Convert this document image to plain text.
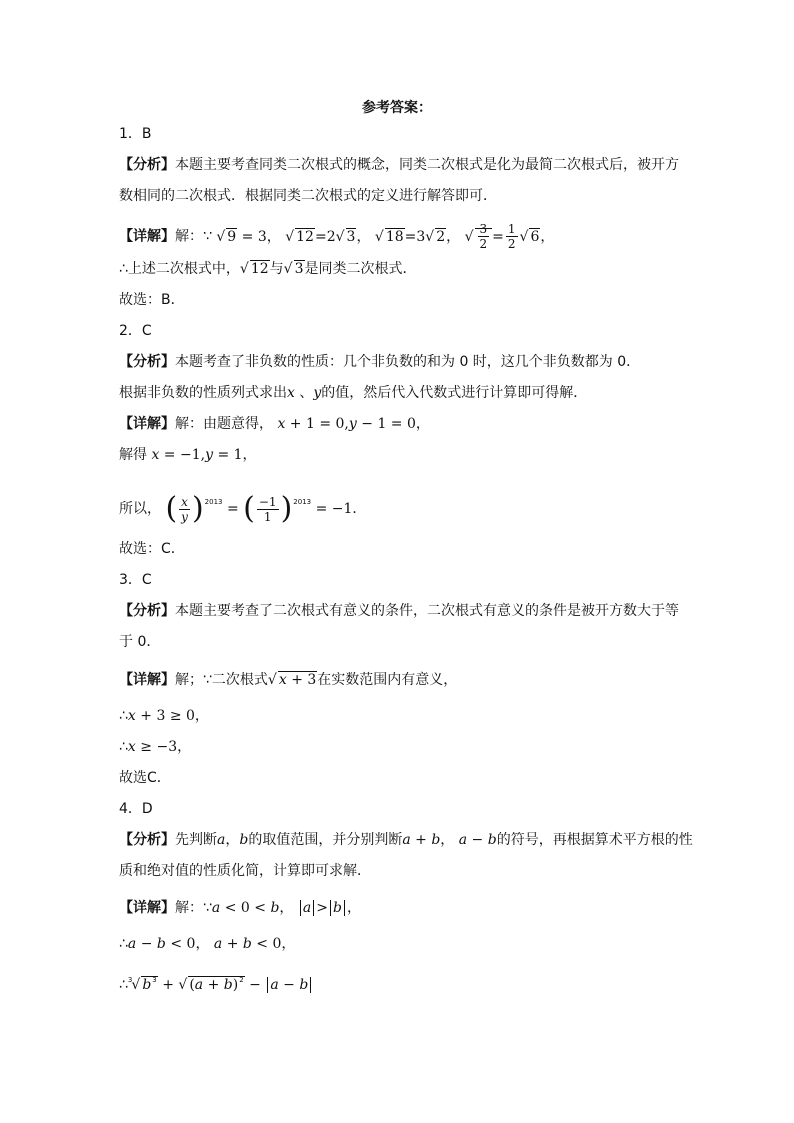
参考答案：
1．B
【分析】本题主要考查同类二次根式的概念，同类二次根式是化为最简二次根式后，被开方
数相同的二次根式．根据同类二次根式的定义进行解答即可．
【详解】解：∵ √ 9 = 3， √ 12=2√ 3， √ 18=3√ 2， √ $\frac{3}{2} = \frac{1}{2}$ √ 6，
∴上述二次根式中，√ 12与√ 3是同类二次根式．
故选：B．
2．C
【分析】本题考查了非负数的性质：几个非负数的和为 0 时，这几个非负数都为 0．
根据非负数的性质列式求出x 、y的值，然后代入代数式进行计算即可得解．
【详解】解：由题意得， x + 1 = 0,y − 1 = 0，
解得 x = −1,y = 1，
所以， ( $\frac{x}{y} )^{2013}$ = ( $\frac{-1}{1} )^{2013} = -1$．
故选：C．
3．C
【分析】本题主要考查了二次根式有意义的条件，二次根式有意义的条件是被开方数大于等
于 0．
【详解】解；∵二次根式√ x + 3在实数范围内有意义，
∴x + 3 ≥ 0，
∴x ≥ −3，
故选C．
4．D
【分析】先判断a，b的取值范围，并分别判断a + b， a − b的符号，再根据算术平方根的性
质和绝对值的性质化简，计算即可求解．
【详解】解：∵a < 0 < b， a > b ，
∴a − b < 0， a + b < 0，
∴$^3$√ $b^3$ + √ $(a + b)^2 - a - b$
